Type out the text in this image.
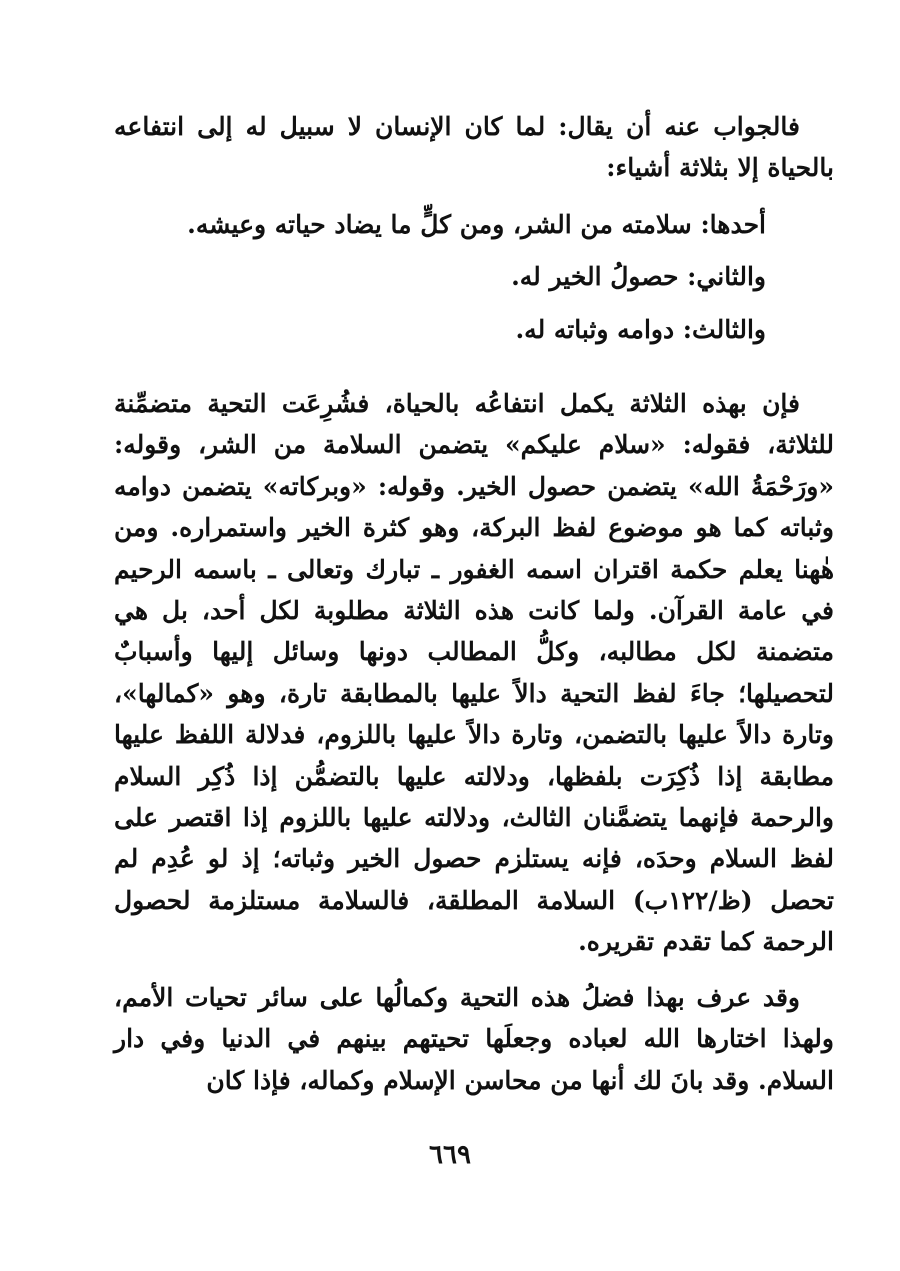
فالجواب عنه أن يقال: لما كان الإنسان لا سبيل له إلى انتفاعه بالحياة إلا بثلاثة أشياء:

أحدها: سلامته من الشر، ومن كلٍّ ما يضاد حياته وعيشه.

والثاني: حصولُ الخير له.

والثالث: دوامه وثباته له.

فإن بهذه الثلاثة يكمل انتفاعُه بالحياة، فشُرِعَت التحية متضمِّنة للثلاثة، فقوله: «سلام عليكم» يتضمن السلامة من الشر، وقوله: «ورَحْمَةُ الله» يتضمن حصول الخير. وقوله: «وبركاته» يتضمن دوامه وثباته كما هو موضوع لفظ البركة، وهو كثرة الخير واستمراره. ومن هٰهنا يعلم حكمة اقتران اسمه الغفور ـ تبارك وتعالى ـ باسمه الرحيم في عامة القرآن. ولما كانت هذه الثلاثة مطلوبة لكل أحد، بل هي متضمنة لكل مطالبه، وكلُّ المطالب دونها وسائل إليها وأسبابٌ لتحصيلها؛ جاءَ لفظ التحية دالاً عليها بالمطابقة تارة، وهو «كمالها»، وتارة دالاً عليها بالتضمن، وتارة دالاً عليها باللزوم، فدلالة اللفظ عليها مطابقة إذا ذُكِرَت بلفظها، ودلالته عليها بالتضمُّن إذا ذُكِر السلام والرحمة فإنهما يتضمَّنان الثالث، ودلالته عليها باللزوم إذا اقتصر على لفظ السلام وحدَه، فإنه يستلزم حصول الخير وثباته؛ إذ لو عُدِم لم تحصل (ظ/١٢٢ب) السلامة المطلقة، فالسلامة مستلزمة لحصول الرحمة كما تقدم تقريره.

وقد عرف بهذا فضلُ هذه التحية وكمالُها على سائر تحيات الأمم، ولهذا اختارها الله لعباده وجعلَها تحيتهم بينهم في الدنيا وفي دار السلام. وقد بانَ لك أنها من محاسن الإسلام وكماله، فإذا كان

٦٦٩
